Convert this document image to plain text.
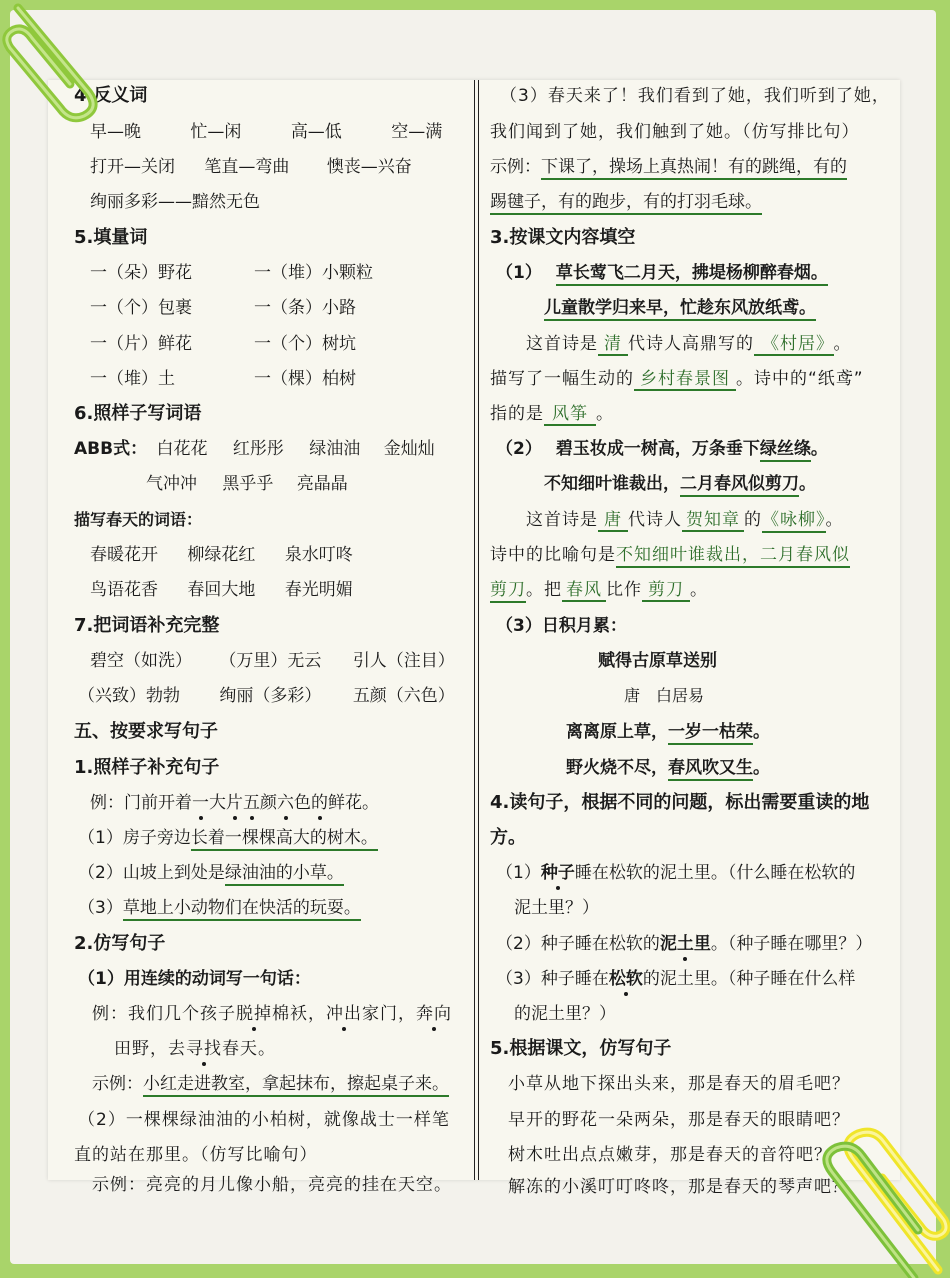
4.反义词
早—晚	忙—闲	高—低	空—满
打开—关闭 笔直—弯曲 懊丧—兴奋
绚丽多彩——黯然无色
5.填量词
一（朵）野花	一（堆）小颗粒
一（个）包裹	一（条）小路
一（片）鲜花	一（个）树坑
一（堆）土	一（棵）柏树
6.照样子写词语
ABB式： 白花花 红彤彤 绿油油 金灿灿
气冲冲 黑乎乎 亮晶晶
描写春天的词语：
春暖花开 柳绿花红 泉水叮咚
鸟语花香 春回大地 春光明媚
7.把词语补充完整
碧空（如洗） （万里）无云 引人（注目）
（兴致）勃勃 绚丽（多彩） 五颜（六色）
五、按要求写句子
1.照样子补充句子
例：门前开着一大片五颜六色的鲜花。
（1）房子旁边长着一棵棵高大的树木。
（2）山坡上到处是绿油油的小草。
（3）草地上小动物们在快活的玩耍。
2.仿写句子
（1）用连续的动词写一句话：
例：我们几个孩子脱掉棉袄，冲出家门，奔向
田野，去寻找春天。
示例：小红走进教室，拿起抹布，擦起桌子来。
（2）一棵棵绿油油的小柏树，就像战士一样笔
直的站在那里。（仿写比喻句）
示例：亮亮的月儿像小船，亮亮的挂在天空。
（3）春天来了！我们看到了她，我们听到了她，
我们闻到了她，我们触到了她。（仿写排比句）
示例：下课了，操场上真热闹！有的跳绳，有的
踢毽子，有的跑步，有的打羽毛球。
3.按课文内容填空
（1） 草长莺飞二月天，拂堤杨柳醉春烟。
儿童散学归来早，忙趁东风放纸鸢。
这首诗是 清 代诗人高鼎写的 《村居》 。
描写了一幅生动的 乡村春景图 。诗中的“纸鸢”
指的是 风筝 。
（2） 碧玉妆成一树高，万条垂下绿丝绦。
不知细叶谁裁出，二月春风似剪刀。
这首诗是 唐 代诗人 贺知章 的《咏柳》。
诗中的比喻句是不知细叶谁裁出，二月春风似
剪刀。把 春风 比作 剪刀 。
（3）日积月累：
赋得古原草送别
唐　白居易
离离原上草，一岁一枯荣。
野火烧不尽，春风吹又生。
4.读句子，根据不同的问题，标出需要重读的地
方。
（1）种子睡在松软的泥土里。（什么睡在松软的
泥土里？）
（2）种子睡在松软的泥土里。（种子睡在哪里？）
（3）种子睡在松软的泥土里。（种子睡在什么样
的泥土里？）
5.根据课文，仿写句子
小草从地下探出头来，那是春天的眉毛吧？
早开的野花一朵两朵，那是春天的眼睛吧？
树木吐出点点嫩芽，那是春天的音符吧？
解冻的小溪叮叮咚咚，那是春天的琴声吧？
